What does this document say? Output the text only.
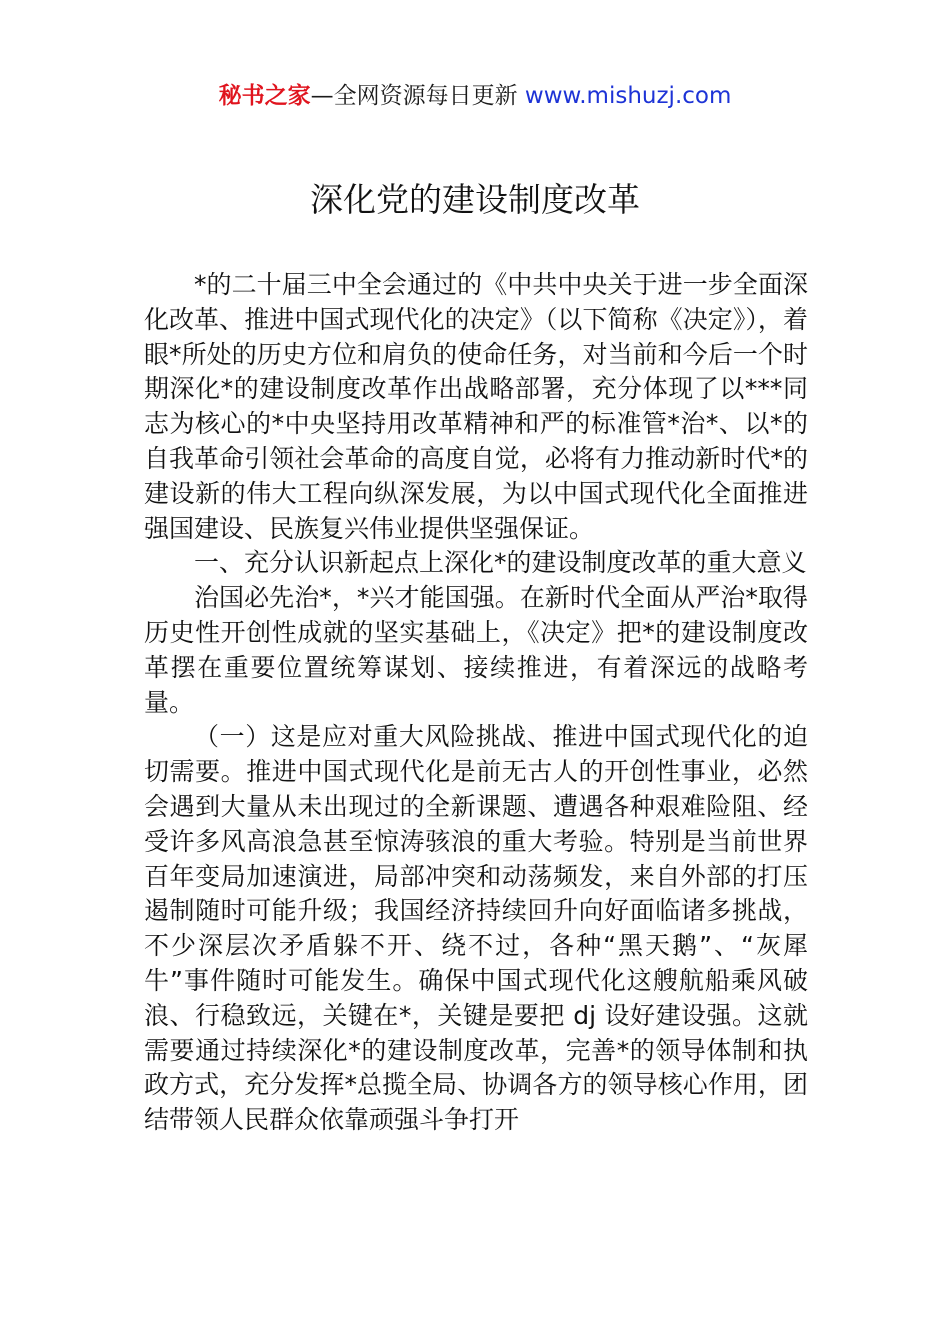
秘书之家—全网资源每日更新 www.mishuzj.com
深化党的建设制度改革

*的二十届三中全会通过的《中共中央关于进一步全面深化改革、推进中国式现代化的决定》（以下简称《决定》），着眼*所处的历史方位和肩负的使命任务，对当前和今后一个时期深化*的建设制度改革作出战略部署，充分体现了以***同志为核心的*中央坚持用改革精神和严的标准管*治*、以*的自我革命引领社会革命的高度自觉，必将有力推动新时代*的建设新的伟大工程向纵深发展，为以中国式现代化全面推进强国建设、民族复兴伟业提供坚强保证。

一、充分认识新起点上深化*的建设制度改革的重大意义

治国必先治*，*兴才能国强。在新时代全面从严治*取得历史性开创性成就的坚实基础上，《决定》把*的建设制度改革摆在重要位置统筹谋划、接续推进，有着深远的战略考量。

（一）这是应对重大风险挑战、推进中国式现代化的迫切需要。推进中国式现代化是前无古人的开创性事业，必然会遇到大量从未出现过的全新课题、遭遇各种艰难险阻、经受许多风高浪急甚至惊涛骇浪的重大考验。特别是当前世界百年变局加速演进，局部冲突和动荡频发，来自外部的打压遏制随时可能升级；我国经济持续回升向好面临诸多挑战，不少深层次矛盾躲不开、绕不过，各种“黑天鹅”、“灰犀牛”事件随时可能发生。确保中国式现代化这艘航船乘风破浪、行稳致远，关键在*，关键是要把 dj 设好建设强。这就需要通过持续深化*的建设制度改革，完善*的领导体制和执政方式，充分发挥*总揽全局、协调各方的领导核心作用，团结带领人民群众依靠顽强斗争打开
